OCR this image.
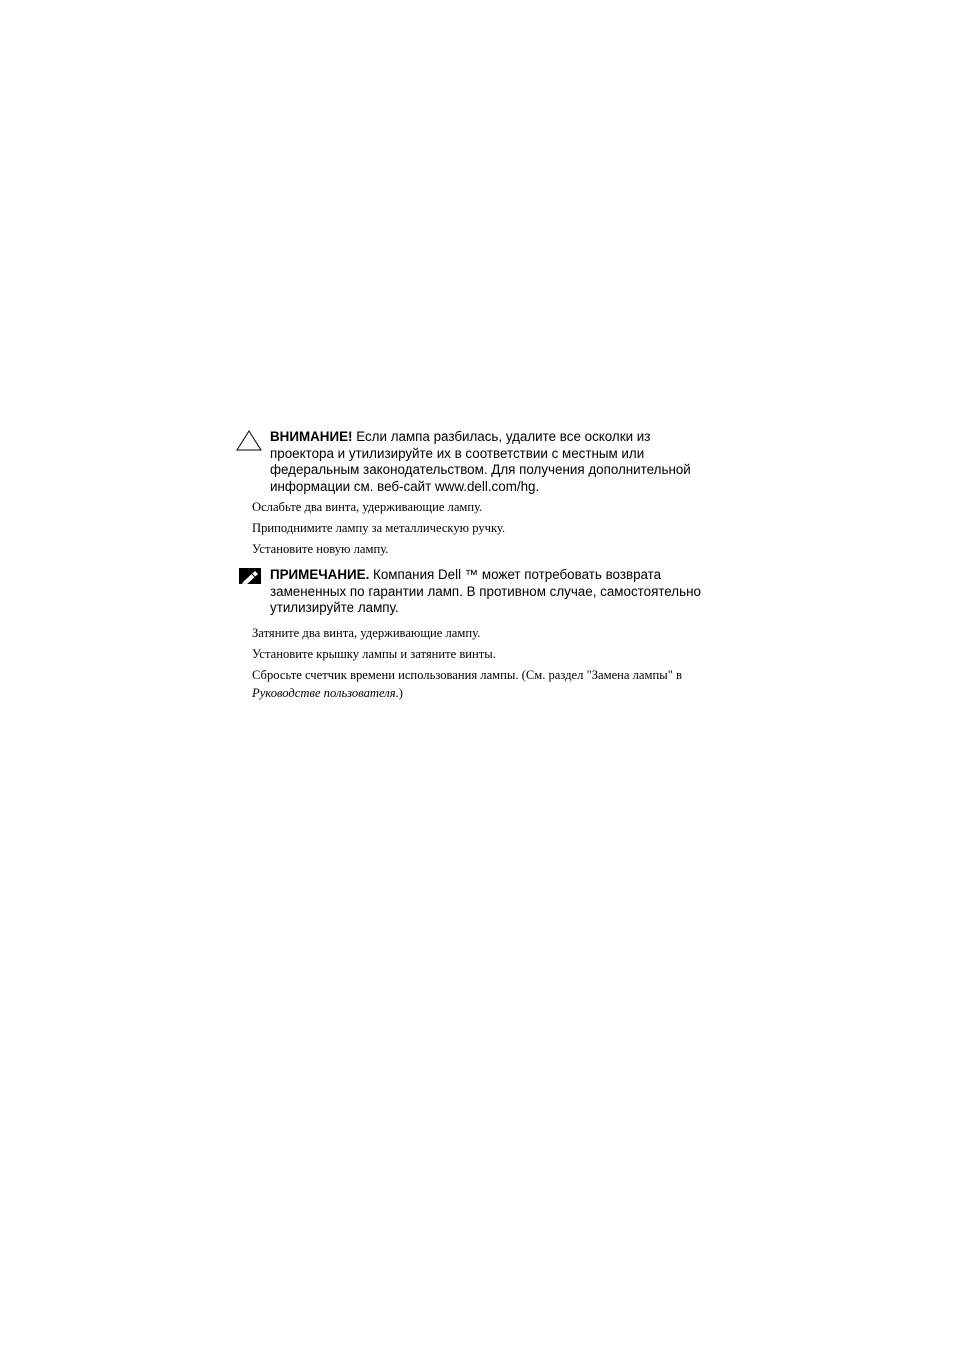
ВНИМАНИЕ! Если лампа разбилась, удалите все осколки из проектора и утилизируйте их в соответствии с местным или федеральным законодательством. Для получения дополнительной информации см. веб-сайт www.dell.com/hg.
Ослабьте два винта, удерживающие лампу.
Приподнимите лампу за металлическую ручку.
Установите новую лампу.
ПРИМЕЧАНИЕ. Компания Dell ™ может потребовать возврата замененных по гарантии ламп. В противном случае, самостоятельно утилизируйте лампу.
Затяните два винта, удерживающие лампу.
Установите крышку лампы и затяните винты.
Сбросьте счетчик времени использования лампы. (См. раздел "Замена лампы" в Руководстве пользователя.)
